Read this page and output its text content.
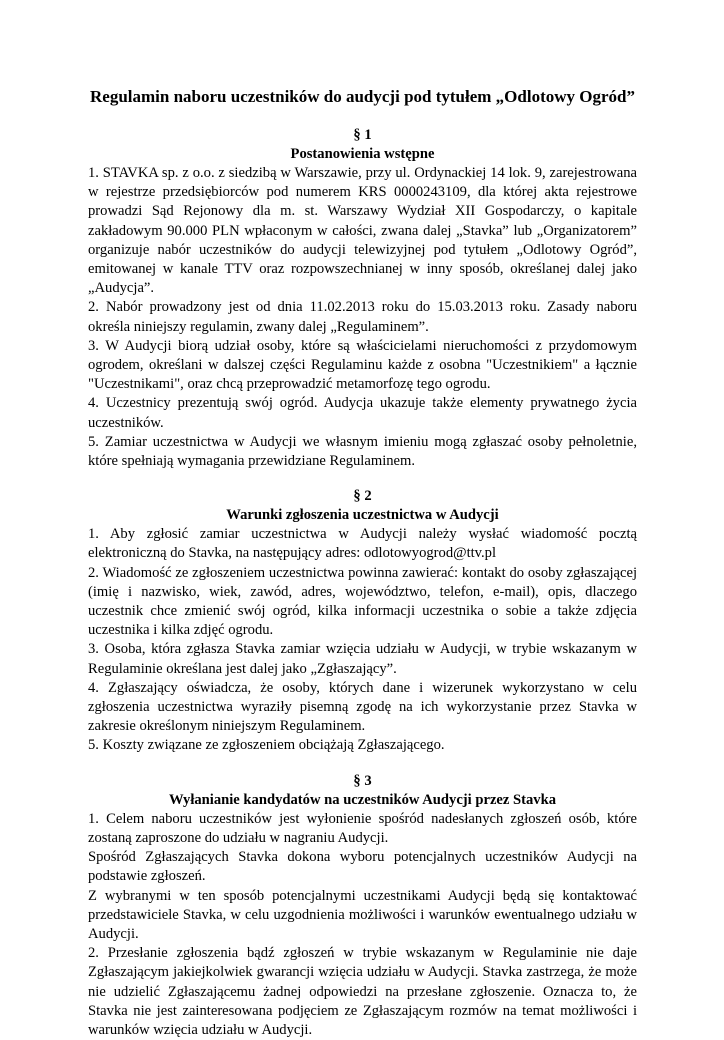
Regulamin naboru uczestników do audycji pod tytułem „Odlotowy Ogród”

§ 1

Postanowienia wstępne

1. STAVKA sp. z o.o. z siedzibą w Warszawie, przy ul. Ordynackiej 14 lok. 9, zarejestrowana w rejestrze przedsiębiorców pod numerem KRS 0000243109, dla której akta rejestrowe prowadzi Sąd Rejonowy dla m. st. Warszawy Wydział XII Gospodarczy, o kapitale zakładowym 90.000 PLN wpłaconym w całości, zwana dalej „Stavka” lub „Organizatorem” organizuje nabór uczestników do audycji telewizyjnej pod tytułem „Odlotowy Ogród”, emitowanej w kanale TTV oraz rozpowszechnianej w inny sposób, określanej dalej jako „Audycja”.

2. Nabór prowadzony jest od dnia 11.02.2013 roku do 15.03.2013 roku. Zasady naboru określa niniejszy regulamin, zwany dalej „Regulaminem”.

3. W Audycji biorą udział osoby, które są właścicielami nieruchomości z przydomowym ogrodem, określani w dalszej części Regulaminu każde z osobna "Uczestnikiem" a łącznie "Uczestnikami", oraz chcą przeprowadzić metamorfozę tego ogrodu.

4. Uczestnicy prezentują swój ogród. Audycja ukazuje także elementy prywatnego życia uczestników.

5. Zamiar uczestnictwa w Audycji we własnym imieniu mogą zgłaszać osoby pełnoletnie, które spełniają wymagania przewidziane Regulaminem.

§ 2

Warunki zgłoszenia uczestnictwa w Audycji

1. Aby zgłosić zamiar uczestnictwa w Audycji należy wysłać wiadomość pocztą elektroniczną do Stavka, na następujący adres: odlotowyogrod@ttv.pl

2. Wiadomość ze zgłoszeniem uczestnictwa powinna zawierać: kontakt do osoby zgłaszającej (imię i nazwisko, wiek, zawód, adres, województwo, telefon, e-mail), opis, dlaczego uczestnik chce zmienić swój ogród, kilka informacji uczestnika o sobie a także zdjęcia uczestnika i kilka zdjęć ogrodu.

3. Osoba, która zgłasza Stavka zamiar wzięcia udziału w Audycji, w trybie wskazanym w Regulaminie określana jest dalej jako „Zgłaszający”.

4. Zgłaszający oświadcza, że osoby, których dane i wizerunek wykorzystano w celu zgłoszenia uczestnictwa wyraziły pisemną zgodę na ich wykorzystanie przez Stavka w zakresie określonym niniejszym Regulaminem.

5. Koszty związane ze zgłoszeniem obciążają Zgłaszającego.

§ 3

Wyłanianie kandydatów na uczestników Audycji przez Stavka

1. Celem naboru uczestników jest wyłonienie spośród nadesłanych zgłoszeń osób, które zostaną zaproszone do udziału w nagraniu Audycji.

Spośród Zgłaszających Stavka dokona wyboru potencjalnych uczestników Audycji na podstawie zgłoszeń.

Z wybranymi w ten sposób potencjalnymi uczestnikami Audycji będą się kontaktować przedstawiciele Stavka, w celu uzgodnienia możliwości i warunków ewentualnego udziału w Audycji.

2. Przesłanie zgłoszenia bądź zgłoszeń w trybie wskazanym w Regulaminie nie daje Zgłaszającym jakiejkolwiek gwarancji wzięcia udziału w Audycji. Stavka zastrzega, że może nie udzielić Zgłaszającemu żadnej odpowiedzi na przesłane zgłoszenie. Oznacza to, że Stavka nie jest zainteresowana podjęciem ze Zgłaszającym rozmów na temat możliwości i warunków wzięcia udziału w Audycji.
